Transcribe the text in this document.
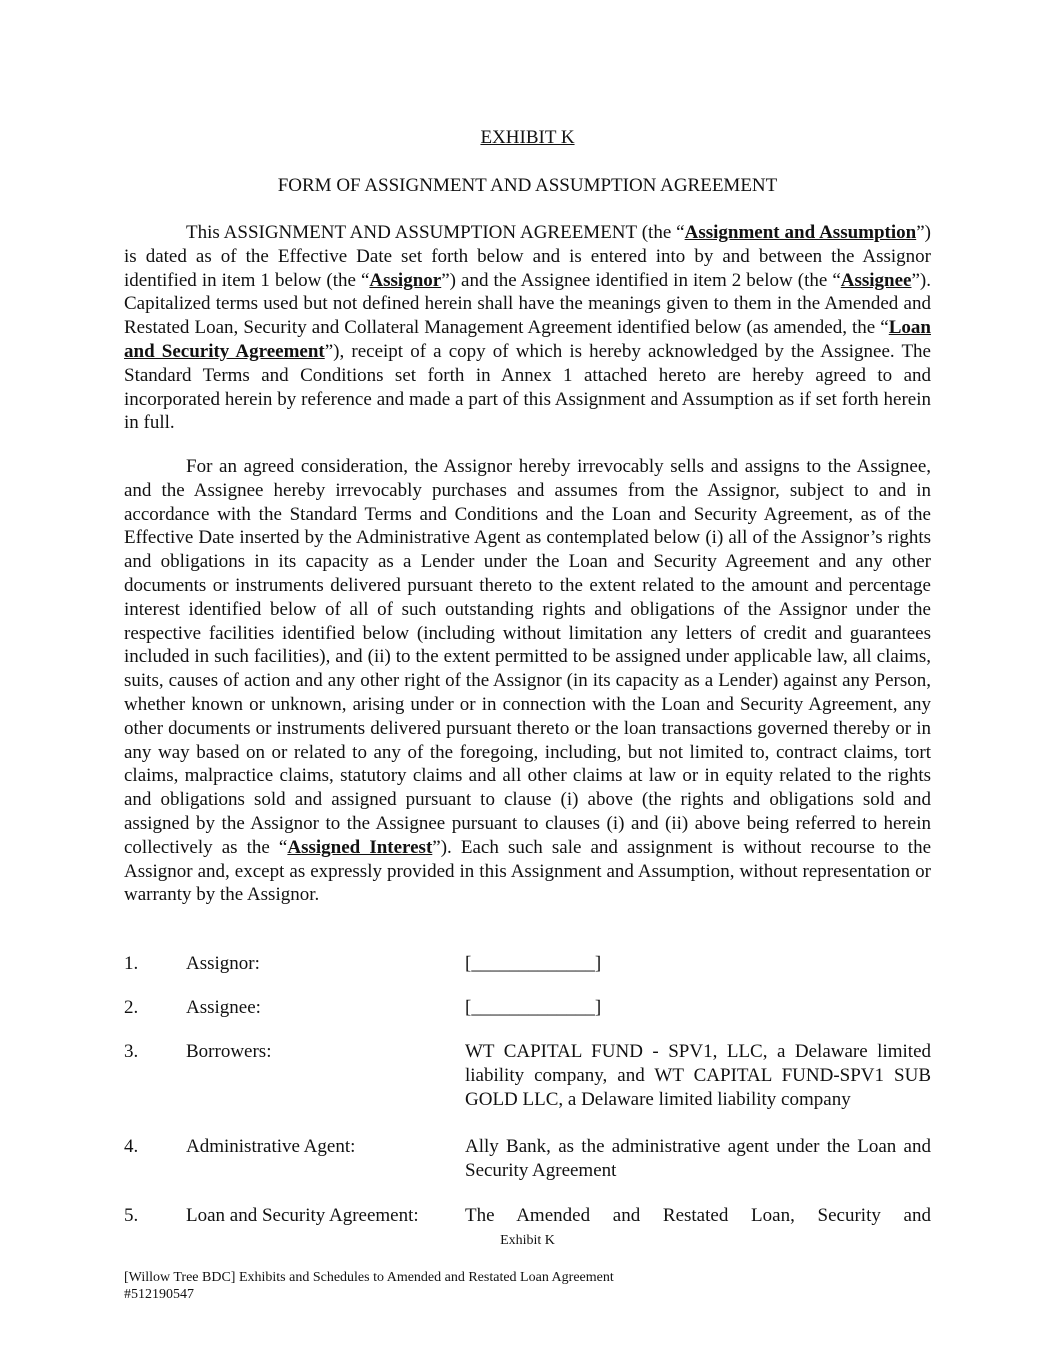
EXHIBIT K
FORM OF ASSIGNMENT AND ASSUMPTION AGREEMENT

This ASSIGNMENT AND ASSUMPTION AGREEMENT (the “Assignment and Assumption”) is dated as of the Effective Date set forth below and is entered into by and between the Assignor identified in item 1 below (the “Assignor”) and the Assignee identified in item 2 below (the “Assignee”). Capitalized terms used but not defined herein shall have the meanings given to them in the Amended and Restated Loan, Security and Collateral Management Agreement identified below (as amended, the “Loan and Security Agreement”), receipt of a copy of which is hereby acknowledged by the Assignee. The Standard Terms and Conditions set forth in Annex 1 attached hereto are hereby agreed to and incorporated herein by reference and made a part of this Assignment and Assumption as if set forth herein in full.

For an agreed consideration, the Assignor hereby irrevocably sells and assigns to the Assignee, and the Assignee hereby irrevocably purchases and assumes from the Assignor, subject to and in accordance with the Standard Terms and Conditions and the Loan and Security Agreement, as of the Effective Date inserted by the Administrative Agent as contemplated below (i) all of the Assignor’s rights and obligations in its capacity as a Lender under the Loan and Security Agreement and any other documents or instruments delivered pursuant thereto to the extent related to the amount and percentage interest identified below of all of such outstanding rights and obligations of the Assignor under the respective facilities identified below (including without limitation any letters of credit and guarantees included in such facilities), and (ii) to the extent permitted to be assigned under applicable law, all claims, suits, causes of action and any other right of the Assignor (in its capacity as a Lender) against any Person, whether known or unknown, arising under or in connection with the Loan and Security Agreement, any other documents or instruments delivered pursuant thereto or the loan transactions governed thereby or in any way based on or related to any of the foregoing, including, but not limited to, contract claims, tort claims, malpractice claims, statutory claims and all other claims at law or in equity related to the rights and obligations sold and assigned pursuant to clause (i) above (the rights and obligations sold and assigned by the Assignor to the Assignee pursuant to clauses (i) and (ii) above being referred to herein collectively as the “Assigned Interest”). Each such sale and assignment is without recourse to the Assignor and, except as expressly provided in this Assignment and Assumption, without representation or warranty by the Assignor.

1.	Assignor:	[_____________]
2.	Assignee:	[_____________]
3.	Borrowers:	WT CAPITAL FUND - SPV1, LLC, a Delaware limited liability company, and WT CAPITAL FUND-SPV1 SUB GOLD LLC, a Delaware limited liability company
4.	Administrative Agent:	Ally Bank, as the administrative agent under the Loan and Security Agreement
5.	Loan and Security Agreement: The Amended and Restated Loan, Security and
Exhibit K
[Willow Tree BDC] Exhibits and Schedules to Amended and Restated Loan Agreement
#512190547
